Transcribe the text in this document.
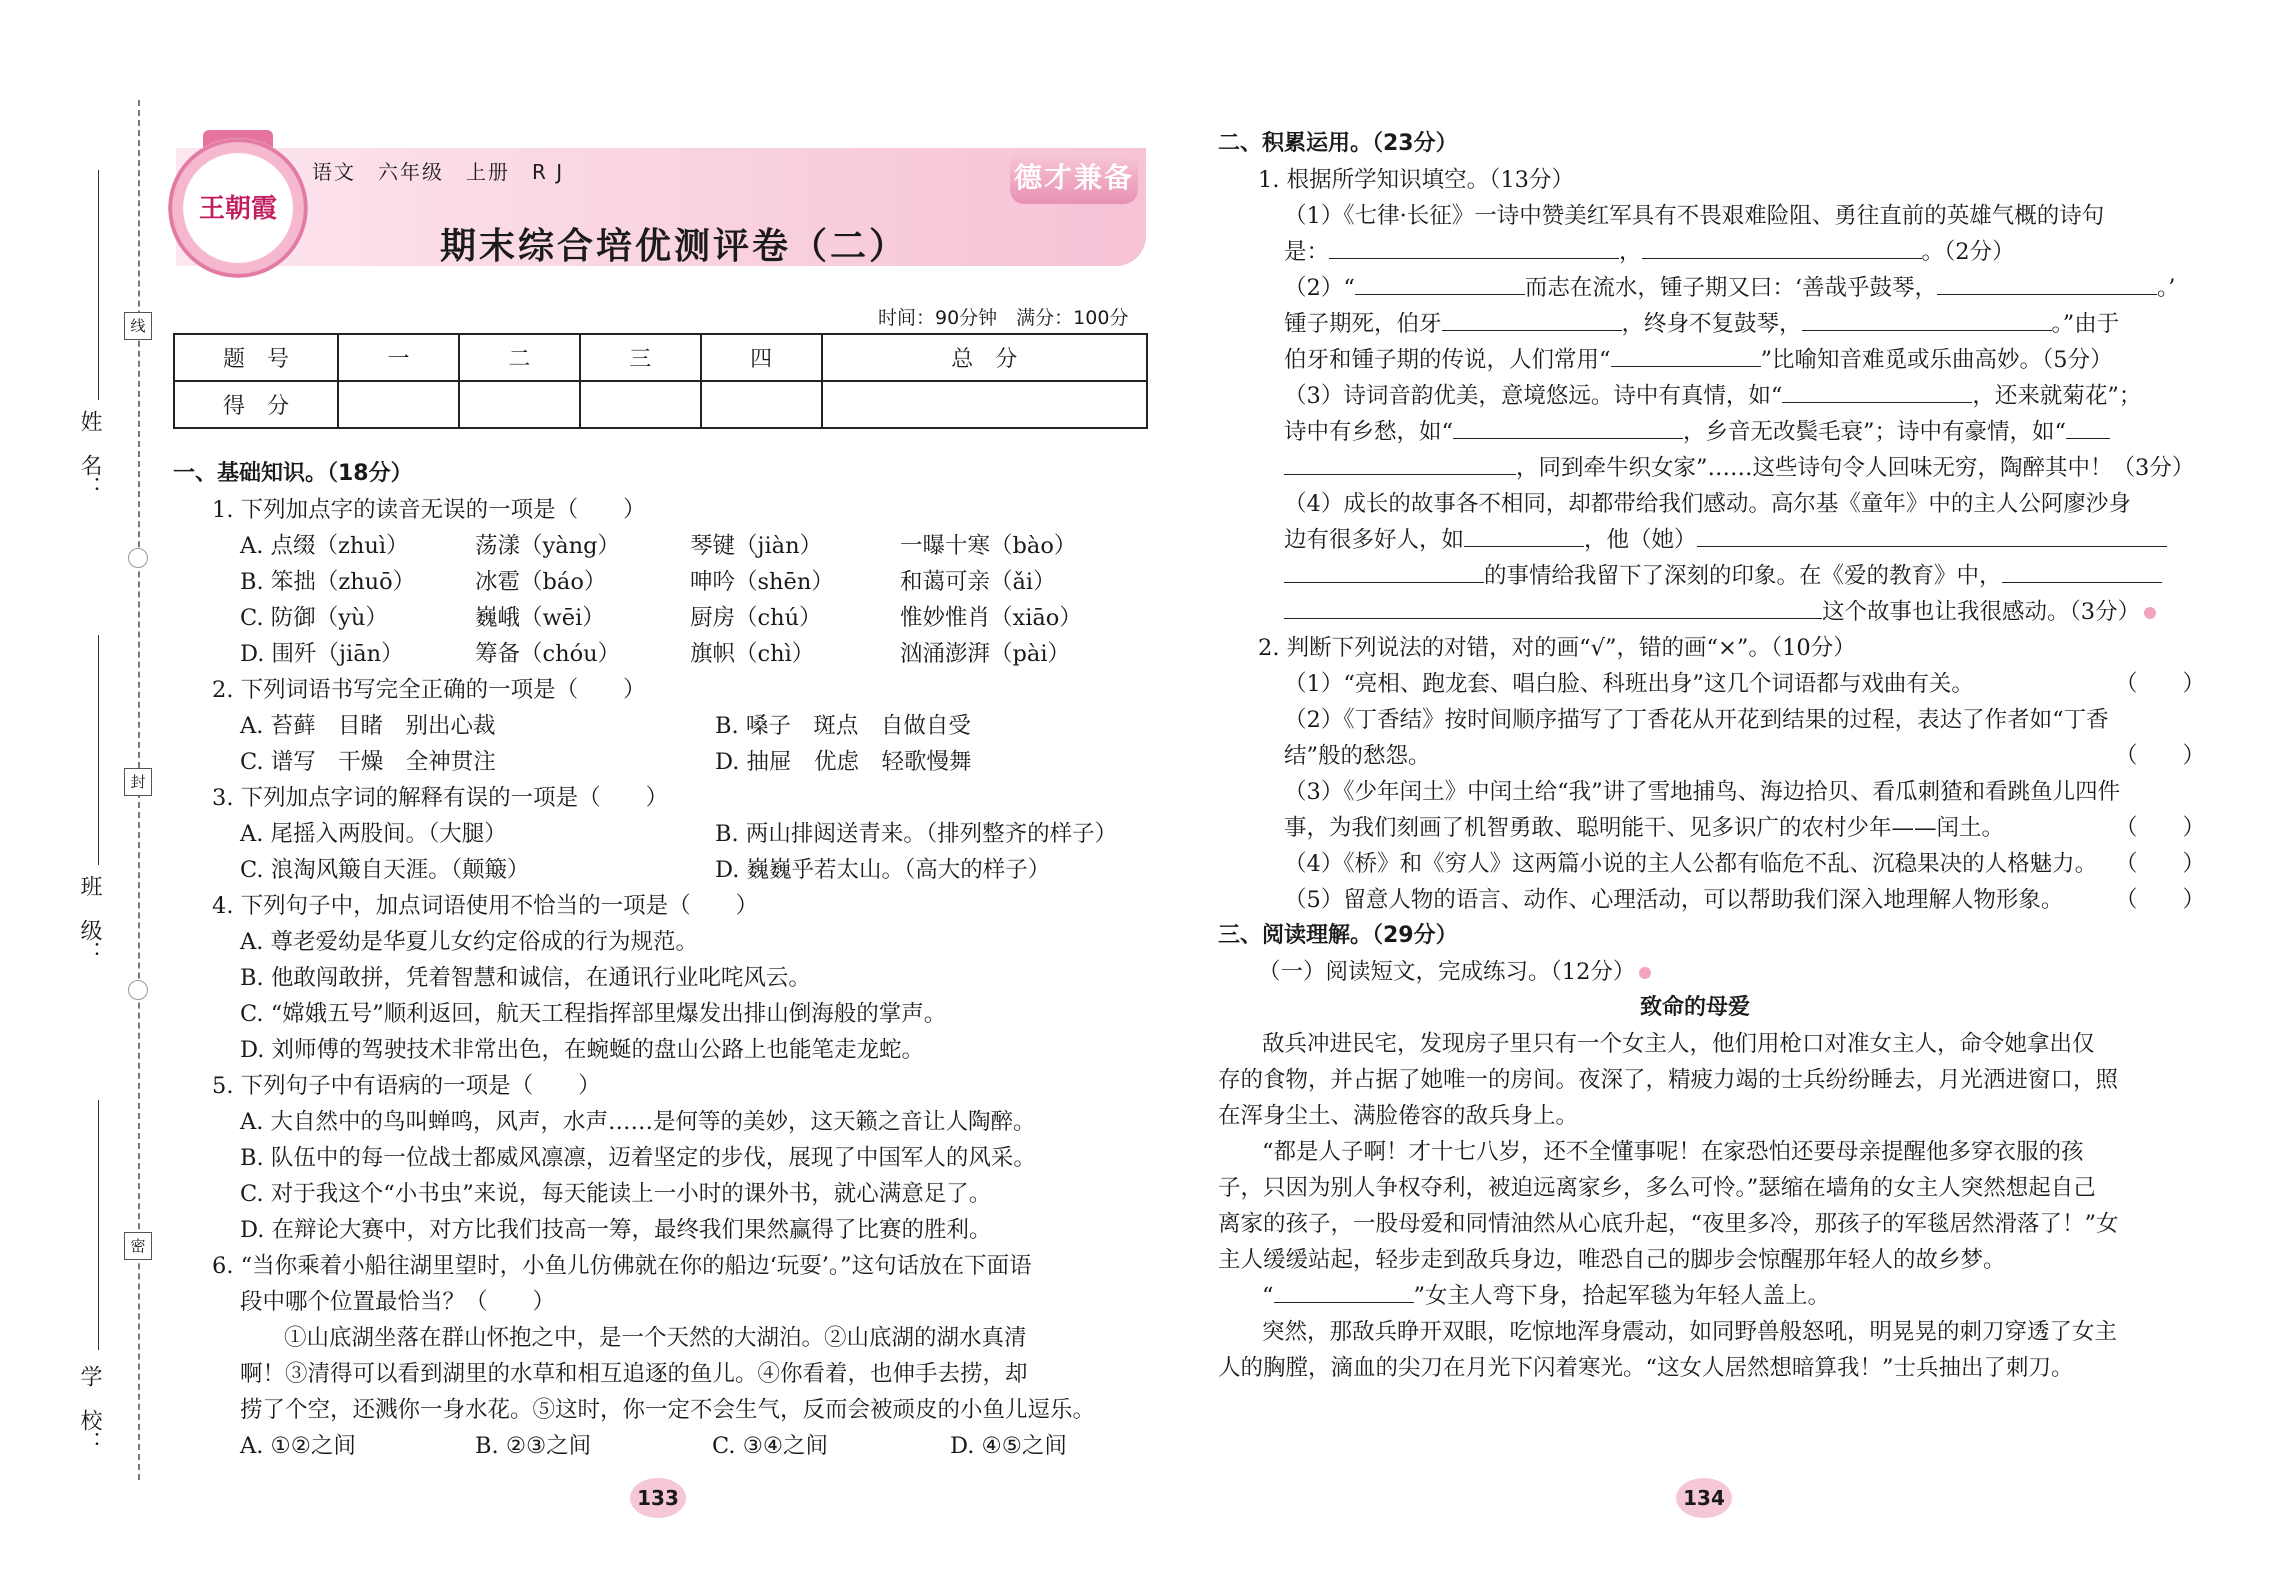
姓　名：
班　级：
学　校：
线
封
密
王朝霞
语文　六年级　上册　R J
期末综合培优测评卷（二）
德才兼备
时间：90分钟　满分：100分
题　号	一	二	三	四	总　分
得　分					
一、基础知识。（18分）
1. 下列加点字的读音无误的一项是（　　）
A. 点缀（zhuì）	荡漾（yàng）	琴键（jiàn）	一曝十寒（bào）
B. 笨拙（zhuō）	冰雹（báo）	呻吟（shēn）	和蔼可亲（ǎi）
C. 防御（yù）	巍峨（wēi）	厨房（chú）	惟妙惟肖（xiāo）
D. 围歼（jiān）	筹备（chóu）	旗帜（chì）	汹涌澎湃（pài）
2. 下列词语书写完全正确的一项是（　　）
A. 苔藓　目睹　别出心裁	B. 嗓子　斑点　自做自受
C. 谱写　干燥　全神贯注	D. 抽屉　优虑　轻歌慢舞
3. 下列加点字词的解释有误的一项是（　　）
A. 尾摇入两股间。（大腿）	B. 两山排闼送青来。（排列整齐的样子）
C. 浪淘风簸自天涯。（颠簸）	D. 巍巍乎若太山。（高大的样子）
4. 下列句子中，加点词语使用不恰当的一项是（　　）
A. 尊老爱幼是华夏儿女约定俗成的行为规范。
B. 他敢闯敢拼，凭着智慧和诚信，在通讯行业叱咤风云。
C. “嫦娥五号”顺利返回，航天工程指挥部里爆发出排山倒海般的掌声。
D. 刘师傅的驾驶技术非常出色，在蜿蜒的盘山公路上也能笔走龙蛇。
5. 下列句子中有语病的一项是（　　）
A. 大自然中的鸟叫蝉鸣，风声，水声……是何等的美妙，这天籁之音让人陶醉。
B. 队伍中的每一位战士都威风凛凛，迈着坚定的步伐，展现了中国军人的风采。
C. 对于我这个“小书虫”来说，每天能读上一小时的课外书，就心满意足了。
D. 在辩论大赛中，对方比我们技高一筹，最终我们果然赢得了比赛的胜利。
6. “当你乘着小船往湖里望时，小鱼儿仿佛就在你的船边‘玩耍’。”这句话放在下面语
段中哪个位置最恰当？（　　）
①山底湖坐落在群山怀抱之中，是一个天然的大湖泊。②山底湖的湖水真清
啊！③清得可以看到湖里的水草和相互追逐的鱼儿。④你看着，也伸手去捞，却
捞了个空，还溅你一身水花。⑤这时，你一定不会生气，反而会被顽皮的小鱼儿逗乐。
A. ①②之间	B. ②③之间	C. ③④之间	D. ④⑤之间
133
二、积累运用。（23分）
1. 根据所学知识填空。（13分）
（1）《七律·长征》一诗中赞美红军具有不畏艰难险阻、勇往直前的英雄气概的诗句
是：	，	。（2分）
（2）“	而志在流水，锺子期又曰：‘善哉乎鼓琴，	。’
锺子期死，伯牙	，终身不复鼓琴，	。”由于
伯牙和锺子期的传说，人们常用“	”比喻知音难觅或乐曲高妙。（5分）
（3）诗词音韵优美，意境悠远。诗中有真情，如“	，还来就菊花”；
诗中有乡愁，如“	，乡音无改鬓毛衰”；诗中有豪情，如“
，同到牵牛织女家”……这些诗句令人回味无穷，陶醉其中！（3分）
（4）成长的故事各不相同，却都带给我们感动。高尔基《童年》中的主人公阿廖沙身
边有很多好人，如	，他（她）
的事情给我留下了深刻的印象。在《爱的教育》中，
这个故事也让我很感动。（3分）
2. 判断下列说法的对错，对的画“√”，错的画“×”。（10分）
（1）“亮相、跑龙套、唱白脸、科班出身”这几个词语都与戏曲有关。	（　　）
（2）《丁香结》按时间顺序描写了丁香花从开花到结果的过程，表达了作者如“丁香
结”般的愁怨。	（　　）
（3）《少年闰土》中闰土给“我”讲了雪地捕鸟、海边拾贝、看瓜刺猹和看跳鱼儿四件
事，为我们刻画了机智勇敢、聪明能干、见多识广的农村少年——闰土。	（　　）
（4）《桥》和《穷人》这两篇小说的主人公都有临危不乱、沉稳果决的人格魅力。 （　　）
（5）留意人物的语言、动作、心理活动，可以帮助我们深入地理解人物形象。 （　　）
三、阅读理解。（29分）
（一）阅读短文，完成练习。（12分）
致命的母爱
敌兵冲进民宅，发现房子里只有一个女主人，他们用枪口对准女主人，命令她拿出仅
存的食物，并占据了她唯一的房间。夜深了，精疲力竭的士兵纷纷睡去，月光洒进窗口，照
在浑身尘土、满脸倦容的敌兵身上。
“都是人子啊！才十七八岁，还不全懂事呢！在家恐怕还要母亲提醒他多穿衣服的孩
子，只因为别人争权夺利，被迫远离家乡，多么可怜。”瑟缩在墙角的女主人突然想起自己
离家的孩子，一股母爱和同情油然从心底升起，“夜里多冷，那孩子的军毯居然滑落了！”女
主人缓缓站起，轻步走到敌兵身边，唯恐自己的脚步会惊醒那年轻人的故乡梦。
“	”女主人弯下身，拾起军毯为年轻人盖上。
突然，那敌兵睁开双眼，吃惊地浑身震动，如同野兽般怒吼，明晃晃的刺刀穿透了女主
人的胸膛，滴血的尖刀在月光下闪着寒光。“这女人居然想暗算我！”士兵抽出了刺刀。
134
